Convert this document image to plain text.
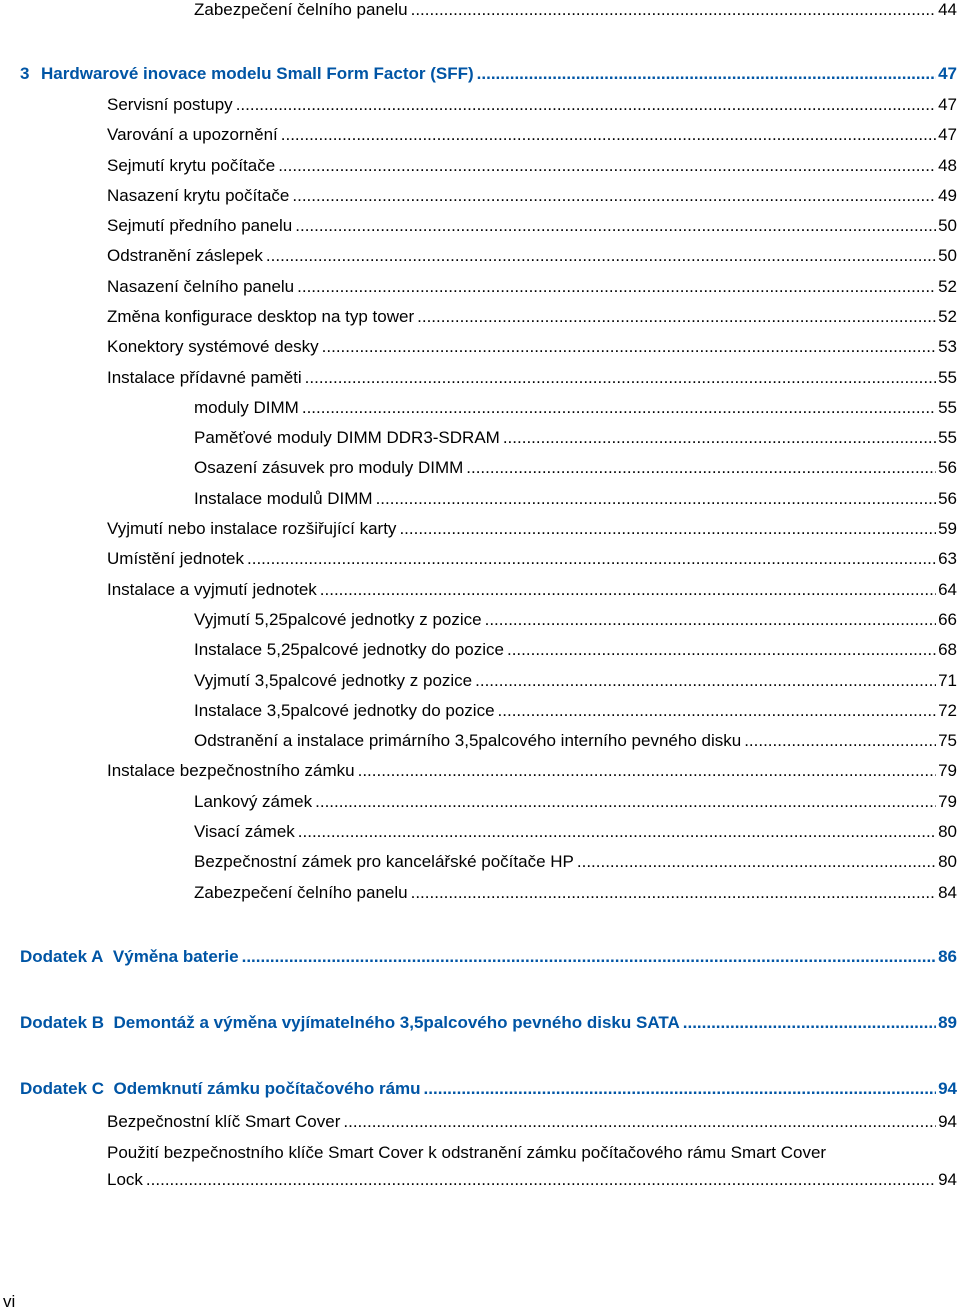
Zabezpečení čelního panelu .....	44
3 Hardwarové inovace modelu Small Form Factor (SFF) .....	47
Servisní postupy .....	47
Varování a upozornění .....	47
Sejmutí krytu počítače .....	48
Nasazení krytu počítače .....	49
Sejmutí předního panelu .....	50
Odstranění záslepek .....	50
Nasazení čelního panelu .....	52
Změna konfigurace desktop na typ tower .....	52
Konektory systémové desky .....	53
Instalace přídavné paměti .....	55
moduly DIMM .....	55
Paměťové moduly DIMM DDR3-SDRAM .....	55
Osazení zásuvek pro moduly DIMM .....	56
Instalace modulů DIMM .....	56
Vyjmutí nebo instalace rozšiřující karty .....	59
Umístění jednotek .....	63
Instalace a vyjmutí jednotek .....	64
Vyjmutí 5,25palcové jednotky z pozice .....	66
Instalace 5,25palcové jednotky do pozice .....	68
Vyjmutí 3,5palcové jednotky z pozice .....	71
Instalace 3,5palcové jednotky do pozice .....	72
Odstranění a instalace primárního 3,5palcového interního pevného disku .....	75
Instalace bezpečnostního zámku .....	79
Lankový zámek .....	79
Visací zámek .....	80
Bezpečnostní zámek pro kancelářské počítače HP .....	80
Zabezpečení čelního panelu .....	84
Dodatek A Výměna baterie .....	86
Dodatek B Demontáž a výměna vyjímatelného 3,5palcového pevného disku SATA .....	89
Dodatek C Odemknutí zámku počítačového rámu .....	94
Bezpečnostní klíč Smart Cover .....	94
Použití bezpečnostního klíče Smart Cover k odstranění zámku počítačového rámu Smart Cover
Lock .....	94
vi
